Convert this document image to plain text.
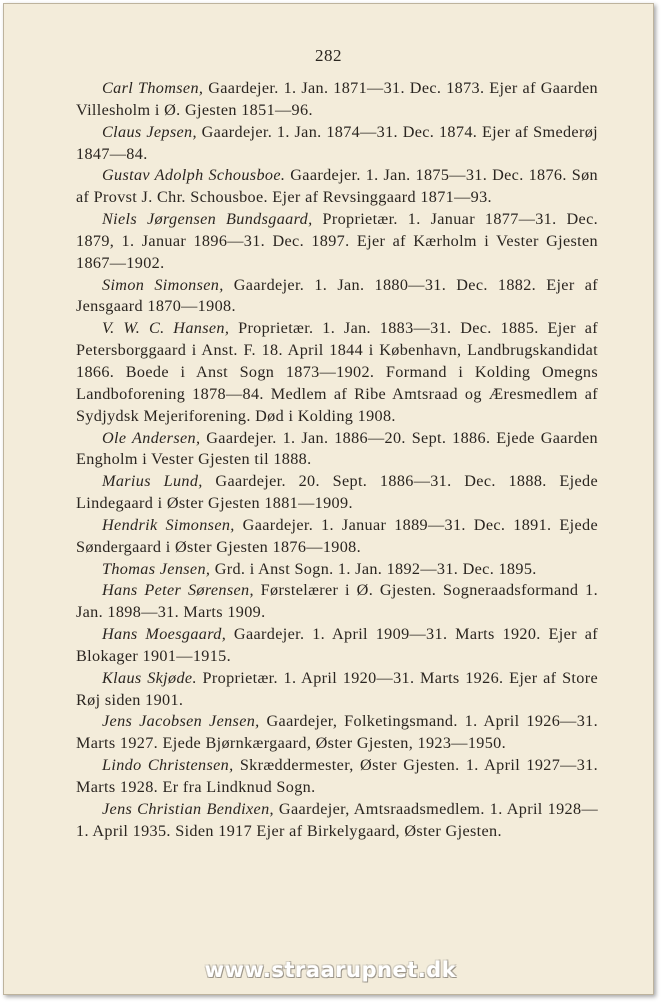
282

Carl Thomsen, Gaardejer. 1. Jan. 1871—31. Dec. 1873. Ejer af Gaarden Villesholm i Ø. Gjesten 1851—96.

Claus Jepsen, Gaardejer. 1. Jan. 1874—31. Dec. 1874. Ejer af Smederøj 1847—84.

Gustav Adolph Schousboe. Gaardejer. 1. Jan. 1875—31. Dec. 1876. Søn af Provst J. Chr. Schousboe. Ejer af Revsinggaard 1871—93.

Niels Jørgensen Bundsgaard, Proprietær. 1. Januar 1877—31. Dec. 1879, 1. Januar 1896—31. Dec. 1897. Ejer af Kærholm i Vester Gjesten 1867—1902.

Simon Simonsen, Gaardejer. 1. Jan. 1880—31. Dec. 1882. Ejer af Jensgaard 1870—1908.

V. W. C. Hansen, Proprietær. 1. Jan. 1883—31. Dec. 1885. Ejer af Petersborggaard i Anst. F. 18. April 1844 i København, Landbrugskandidat 1866. Boede i Anst Sogn 1873—1902. Formand i Kolding Omegns Landboforening 1878—84. Medlem af Ribe Amtsraad og Æresmedlem af Sydjydsk Mejeriforening. Død i Kolding 1908.

Ole Andersen, Gaardejer. 1. Jan. 1886—20. Sept. 1886. Ejede Gaarden Engholm i Vester Gjesten til 1888.

Marius Lund, Gaardejer. 20. Sept. 1886—31. Dec. 1888. Ejede Lindegaard i Øster Gjesten 1881—1909.

Hendrik Simonsen, Gaardejer. 1. Januar 1889—31. Dec. 1891. Ejede Søndergaard i Øster Gjesten 1876—1908.

Thomas Jensen, Grd. i Anst Sogn. 1. Jan. 1892—31. Dec. 1895.

Hans Peter Sørensen, Førstelærer i Ø. Gjesten. Sogneraadsformand 1. Jan. 1898—31. Marts 1909.

Hans Moesgaard, Gaardejer. 1. April 1909—31. Marts 1920. Ejer af Blokager 1901—1915.

Klaus Skjøde. Proprietær. 1. April 1920—31. Marts 1926. Ejer af Store Røj siden 1901.

Jens Jacobsen Jensen, Gaardejer, Folketingsmand. 1. April 1926—31. Marts 1927. Ejede Bjørnkærgaard, Øster Gjesten, 1923—1950.

Lindo Christensen, Skræddermester, Øster Gjesten. 1. April 1927—31. Marts 1928. Er fra Lindknud Sogn.

Jens Christian Bendixen, Gaardejer, Amtsraadsmedlem. 1. April 1928—1. April 1935. Siden 1917 Ejer af Birkelygaard, Øster Gjesten.

www.straarupnet.dk
